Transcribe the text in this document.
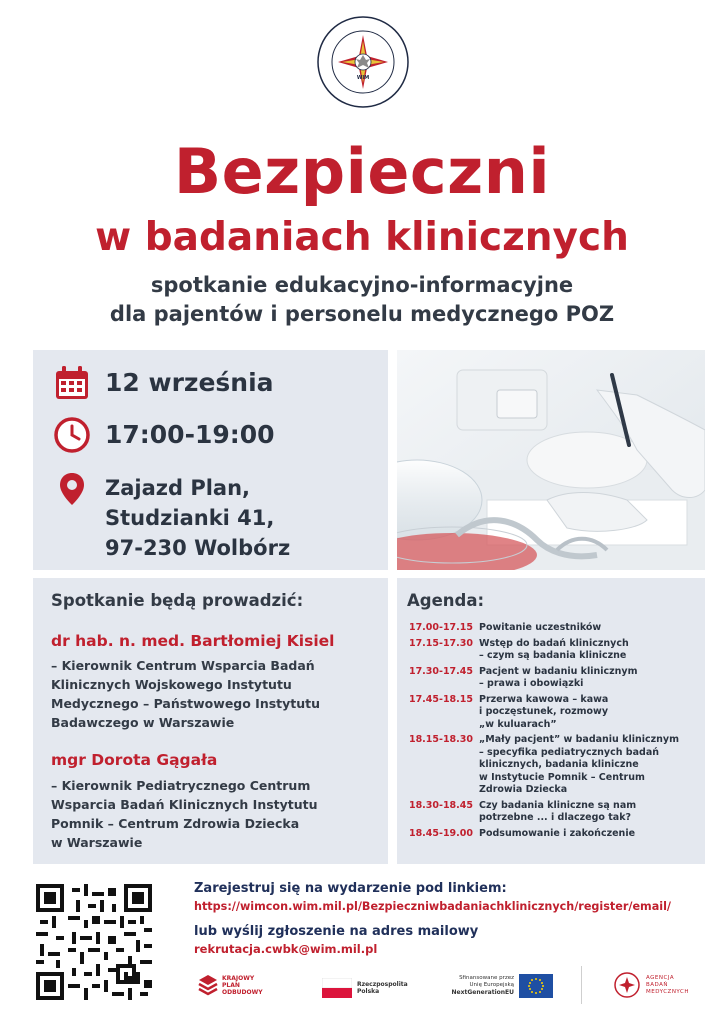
WIM
Bezpieczni
w badaniach klinicznych
spotkanie edukacyjno-informacyjne
dla pajentów i personelu medycznego POZ
12 września
17:00-19:00
Zajazd Plan,
Studzianki 41,
97-230 Wolbórz
Spotkanie będą prowadzić:
dr hab. n. med. Bartłomiej Kisiel
– Kierownik Centrum Wsparcia Badań
Klinicznych Wojskowego Instytutu
Medycznego – Państwowego Instytutu
Badawczego w Warszawie
mgr Dorota Gągała
– Kierownik Pediatrycznego Centrum
Wsparcia Badań Klinicznych Instytutu
Pomnik – Centrum Zdrowia Dziecka
w Warszawie
Agenda:
17.00-17.15 Powitanie uczestników
17.15-17.30 Wstęp do badań klinicznych
– czym są badania kliniczne
17.30-17.45 Pacjent w badaniu klinicznym
– prawa i obowiązki
17.45-18.15 Przerwa kawowa – kawa
i poczęstunek, rozmowy
„w kuluarach”
18.15-18.30 „Mały pacjent” w badaniu klinicznym
– specyfika pediatrycznych badań
klinicznych, badania kliniczne
w Instytucie Pomnik – Centrum
Zdrowia Dziecka
18.30-18.45 Czy badania kliniczne są nam
potrzebne ... i dlaczego tak?
18.45-19.00 Podsumowanie i zakończenie
Zarejestruj się na wydarzenie pod linkiem:
https://wimcon.wim.mil.pl/Bezpieczniwbadaniachklinicznych/register/email/
lub wyślij zgłoszenie na adres mailowy
rekrutacja.cwbk@wim.mil.pl
KRAJOWY
PLAN
ODBUDOWY
Rzeczpospolita
Polska
Sfinansowane przez
Unię Europejską
NextGenerationEU
AGENCJA
BADAŃ
MEDYCZNYCH
